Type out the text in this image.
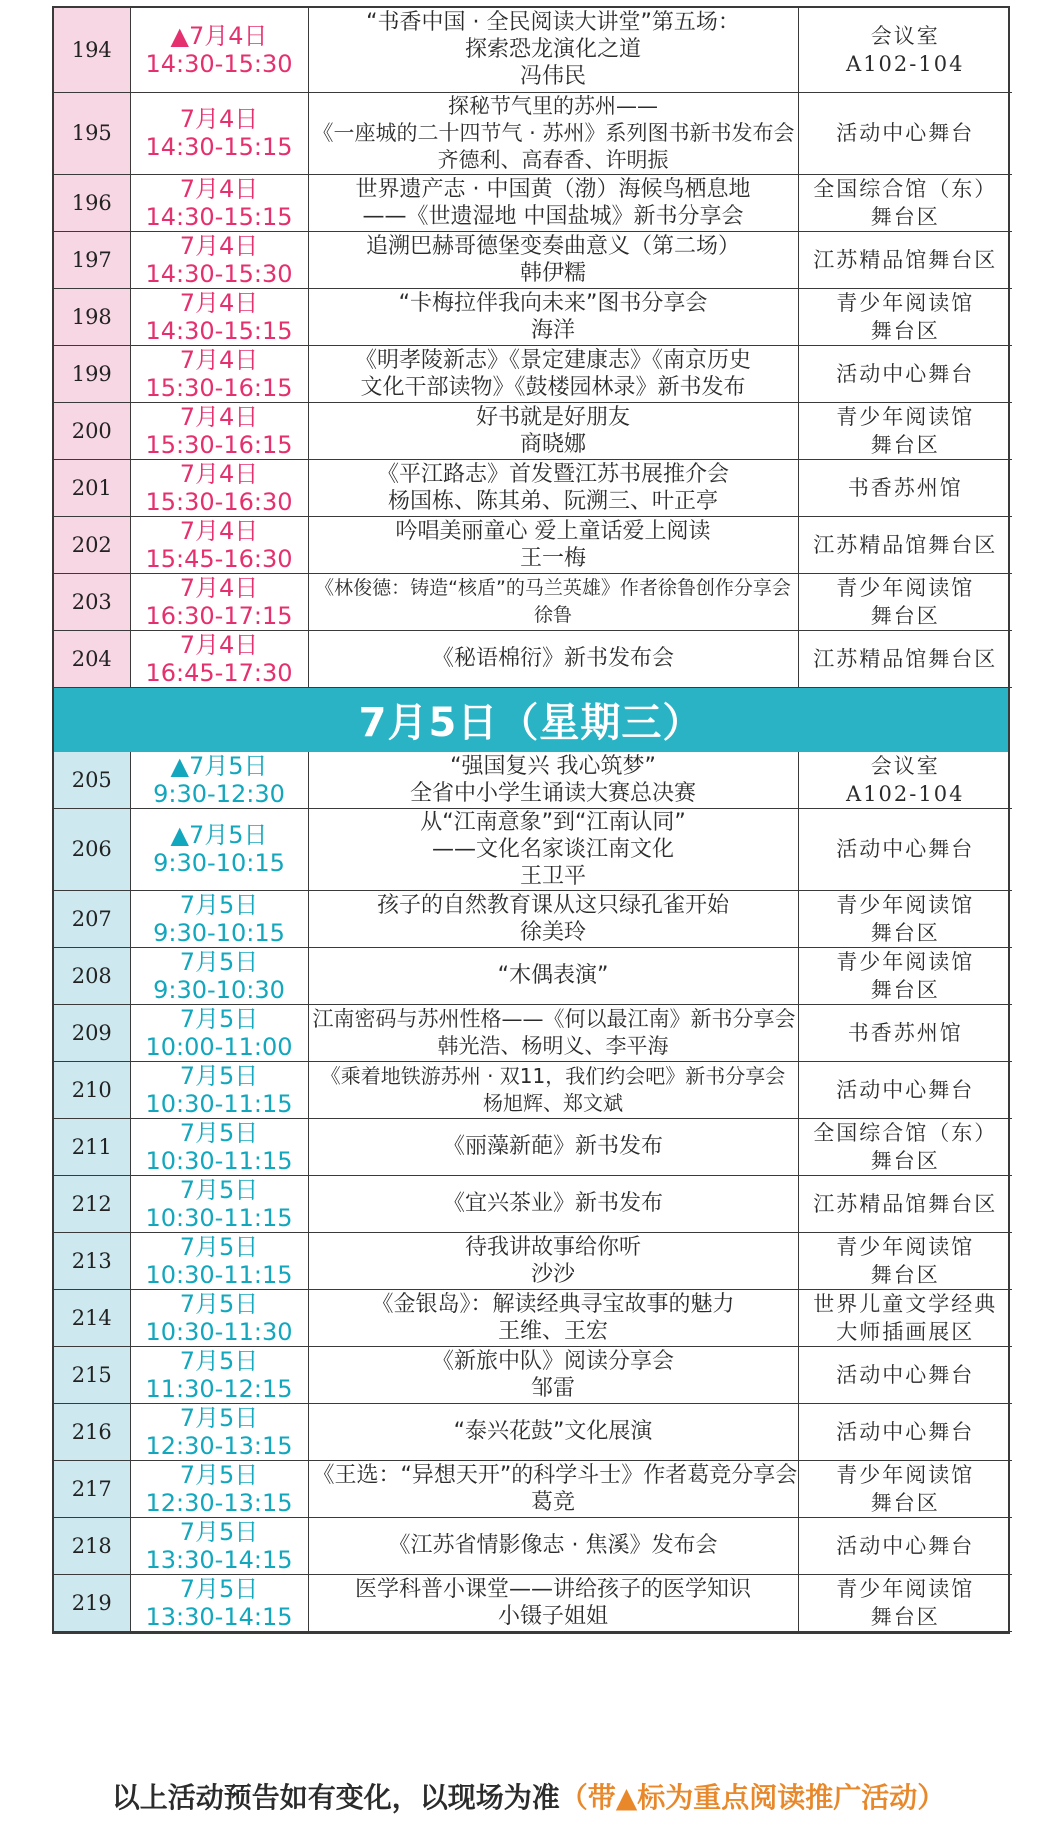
194	▲7月4日
14:30-15:30	“书香中国 · 全民阅读大讲堂”第五场：
探索恐龙演化之道
冯伟民	会议室
A102-104

195	7月4日
14:30-15:15	探秘节气里的苏州——
《一座城的二十四节气 · 苏州》系列图书新书发布会
齐德利、高春香、许明振	活动中心舞台

196	7月4日
14:30-15:15	世界遗产志 · 中国黄（渤）海候鸟栖息地
——《世遗湿地 中国盐城》新书分享会	全国综合馆（东）
舞台区

197	7月4日
14:30-15:30	追溯巴赫哥德堡变奏曲意义（第二场）
韩伊糯	江苏精品馆舞台区

198	7月4日
14:30-15:15	“卡梅拉伴我向未来”图书分享会
海洋	青少年阅读馆
舞台区

199	7月4日
15:30-16:15	《明孝陵新志》《景定建康志》《南京历史
文化干部读物》《鼓楼园林录》新书发布	活动中心舞台

200	7月4日
15:30-16:15	好书就是好朋友
商晓娜	青少年阅读馆
舞台区

201	7月4日
15:30-16:30	《平江路志》首发暨江苏书展推介会
杨国栋、陈其弟、阮溯三、叶正亭	书香苏州馆

202	7月4日
15:45-16:30	吟唱美丽童心 爱上童话爱上阅读
王一梅	江苏精品馆舞台区

203	7月4日
16:30-17:15	《林俊德：铸造“核盾”的马兰英雄》作者徐鲁创作分享会
徐鲁	青少年阅读馆
舞台区

204	7月4日
16:45-17:30	《秘语棉衍》新书发布会	江苏精品馆舞台区
7月5日（星期三）
205	▲7月5日
9:30-12:30	“强国复兴 我心筑梦”
全省中小学生诵读大赛总决赛	会议室
A102-104

206	▲7月5日
9:30-10:15	从“江南意象”到“江南认同”
——文化名家谈江南文化
王卫平	活动中心舞台

207	7月5日
9:30-10:15	孩子的自然教育课从这只绿孔雀开始
徐美玲	青少年阅读馆
舞台区

208	7月5日
9:30-10:30	“木偶表演”	青少年阅读馆
舞台区

209	7月5日
10:00-11:00	江南密码与苏州性格——《何以最江南》新书分享会
韩光浩、杨明义、李平海	书香苏州馆

210	7月5日
10:30-11:15	《乘着地铁游苏州 · 双11，我们约会吧》新书分享会
杨旭辉、郑文斌	活动中心舞台

211	7月5日
10:30-11:15	《丽藻新葩》新书发布	全国综合馆（东）
舞台区

212	7月5日
10:30-11:15	《宜兴茶业》新书发布	江苏精品馆舞台区

213	7月5日
10:30-11:15	待我讲故事给你听
沙沙	青少年阅读馆
舞台区

214	7月5日
10:30-11:30	《金银岛》：解读经典寻宝故事的魅力
王维、王宏	世界儿童文学经典
大师插画展区

215	7月5日
11:30-12:15	《新旅中队》阅读分享会
邹雷	活动中心舞台

216	7月5日
12:30-13:15	“泰兴花鼓”文化展演	活动中心舞台

217	7月5日
12:30-13:15	《王选：“异想天开”的科学斗士》作者葛竞分享会
葛竞	青少年阅读馆
舞台区

218	7月5日
13:30-14:15	《江苏省情影像志 · 焦溪》发布会	活动中心舞台

219	7月5日
13:30-14:15	医学科普小课堂——讲给孩子的医学知识
小镊子姐姐	青少年阅读馆
舞台区
以上活动预告如有变化，以现场为准（带▲标为重点阅读推广活动）
